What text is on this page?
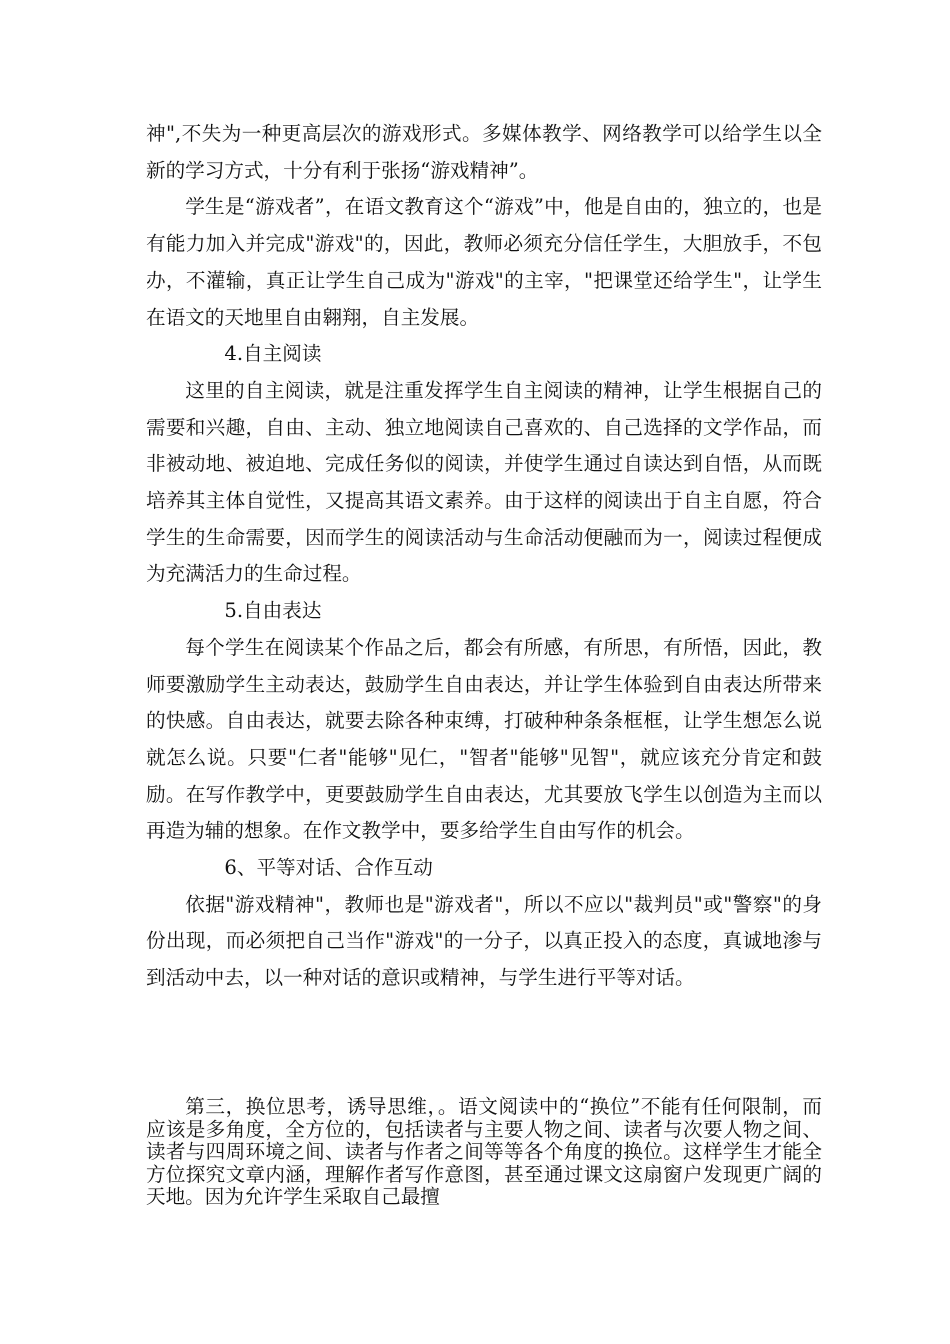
神",不失为一种更高层次的游戏形式。多媒体教学、网络教学可以给学生以全新的学习方式，十分有利于张扬“游戏精神”。

学生是“游戏者”，在语文教育这个“游戏”中，他是自由的，独立的，也是有能力加入并完成"游戏"的，因此，教师必须充分信任学生，大胆放手，不包办，不灌输，真正让学生自己成为"游戏"的主宰，"把课堂还给学生"，让学生在语文的天地里自由翱翔，自主发展。

4.自主阅读

这里的自主阅读，就是注重发挥学生自主阅读的精神，让学生根据自己的需要和兴趣，自由、主动、独立地阅读自己喜欢的、自己选择的文学作品，而非被动地、被迫地、完成任务似的阅读，并使学生通过自读达到自悟，从而既培养其主体自觉性，又提高其语文素养。由于这样的阅读出于自主自愿，符合学生的生命需要，因而学生的阅读活动与生命活动便融而为一，阅读过程便成为充满活力的生命过程。

5.自由表达

每个学生在阅读某个作品之后，都会有所感，有所思，有所悟，因此，教师要激励学生主动表达，鼓励学生自由表达，并让学生体验到自由表达所带来的快感。自由表达，就要去除各种束缚，打破种种条条框框，让学生想怎么说就怎么说。只要"仁者"能够"见仁，"智者"能够"见智"，就应该充分肯定和鼓励。在写作教学中，更要鼓励学生自由表达，尤其要放飞学生以创造为主而以再造为辅的想象。在作文教学中，要多给学生自由写作的机会。

6、平等对话、合作互动

依据"游戏精神"，教师也是"游戏者"，所以不应以"裁判员"或"警察"的身份出现，而必须把自己当作"游戏"的一分子，以真正投入的态度，真诚地渗与到活动中去，以一种对话的意识或精神，与学生进行平等对话。

第三，换位思考，诱导思维，。语文阅读中的“换位”不能有任何限制，而应该是多角度，全方位的，包括读者与主要人物之间、读者与次要人物之间、读者与四周环境之间、读者与作者之间等等各个角度的换位。这样学生才能全方位探究文章内涵，理解作者写作意图，甚至通过课文这扇窗户发现更广阔的天地。因为允许学生采取自己最擅
